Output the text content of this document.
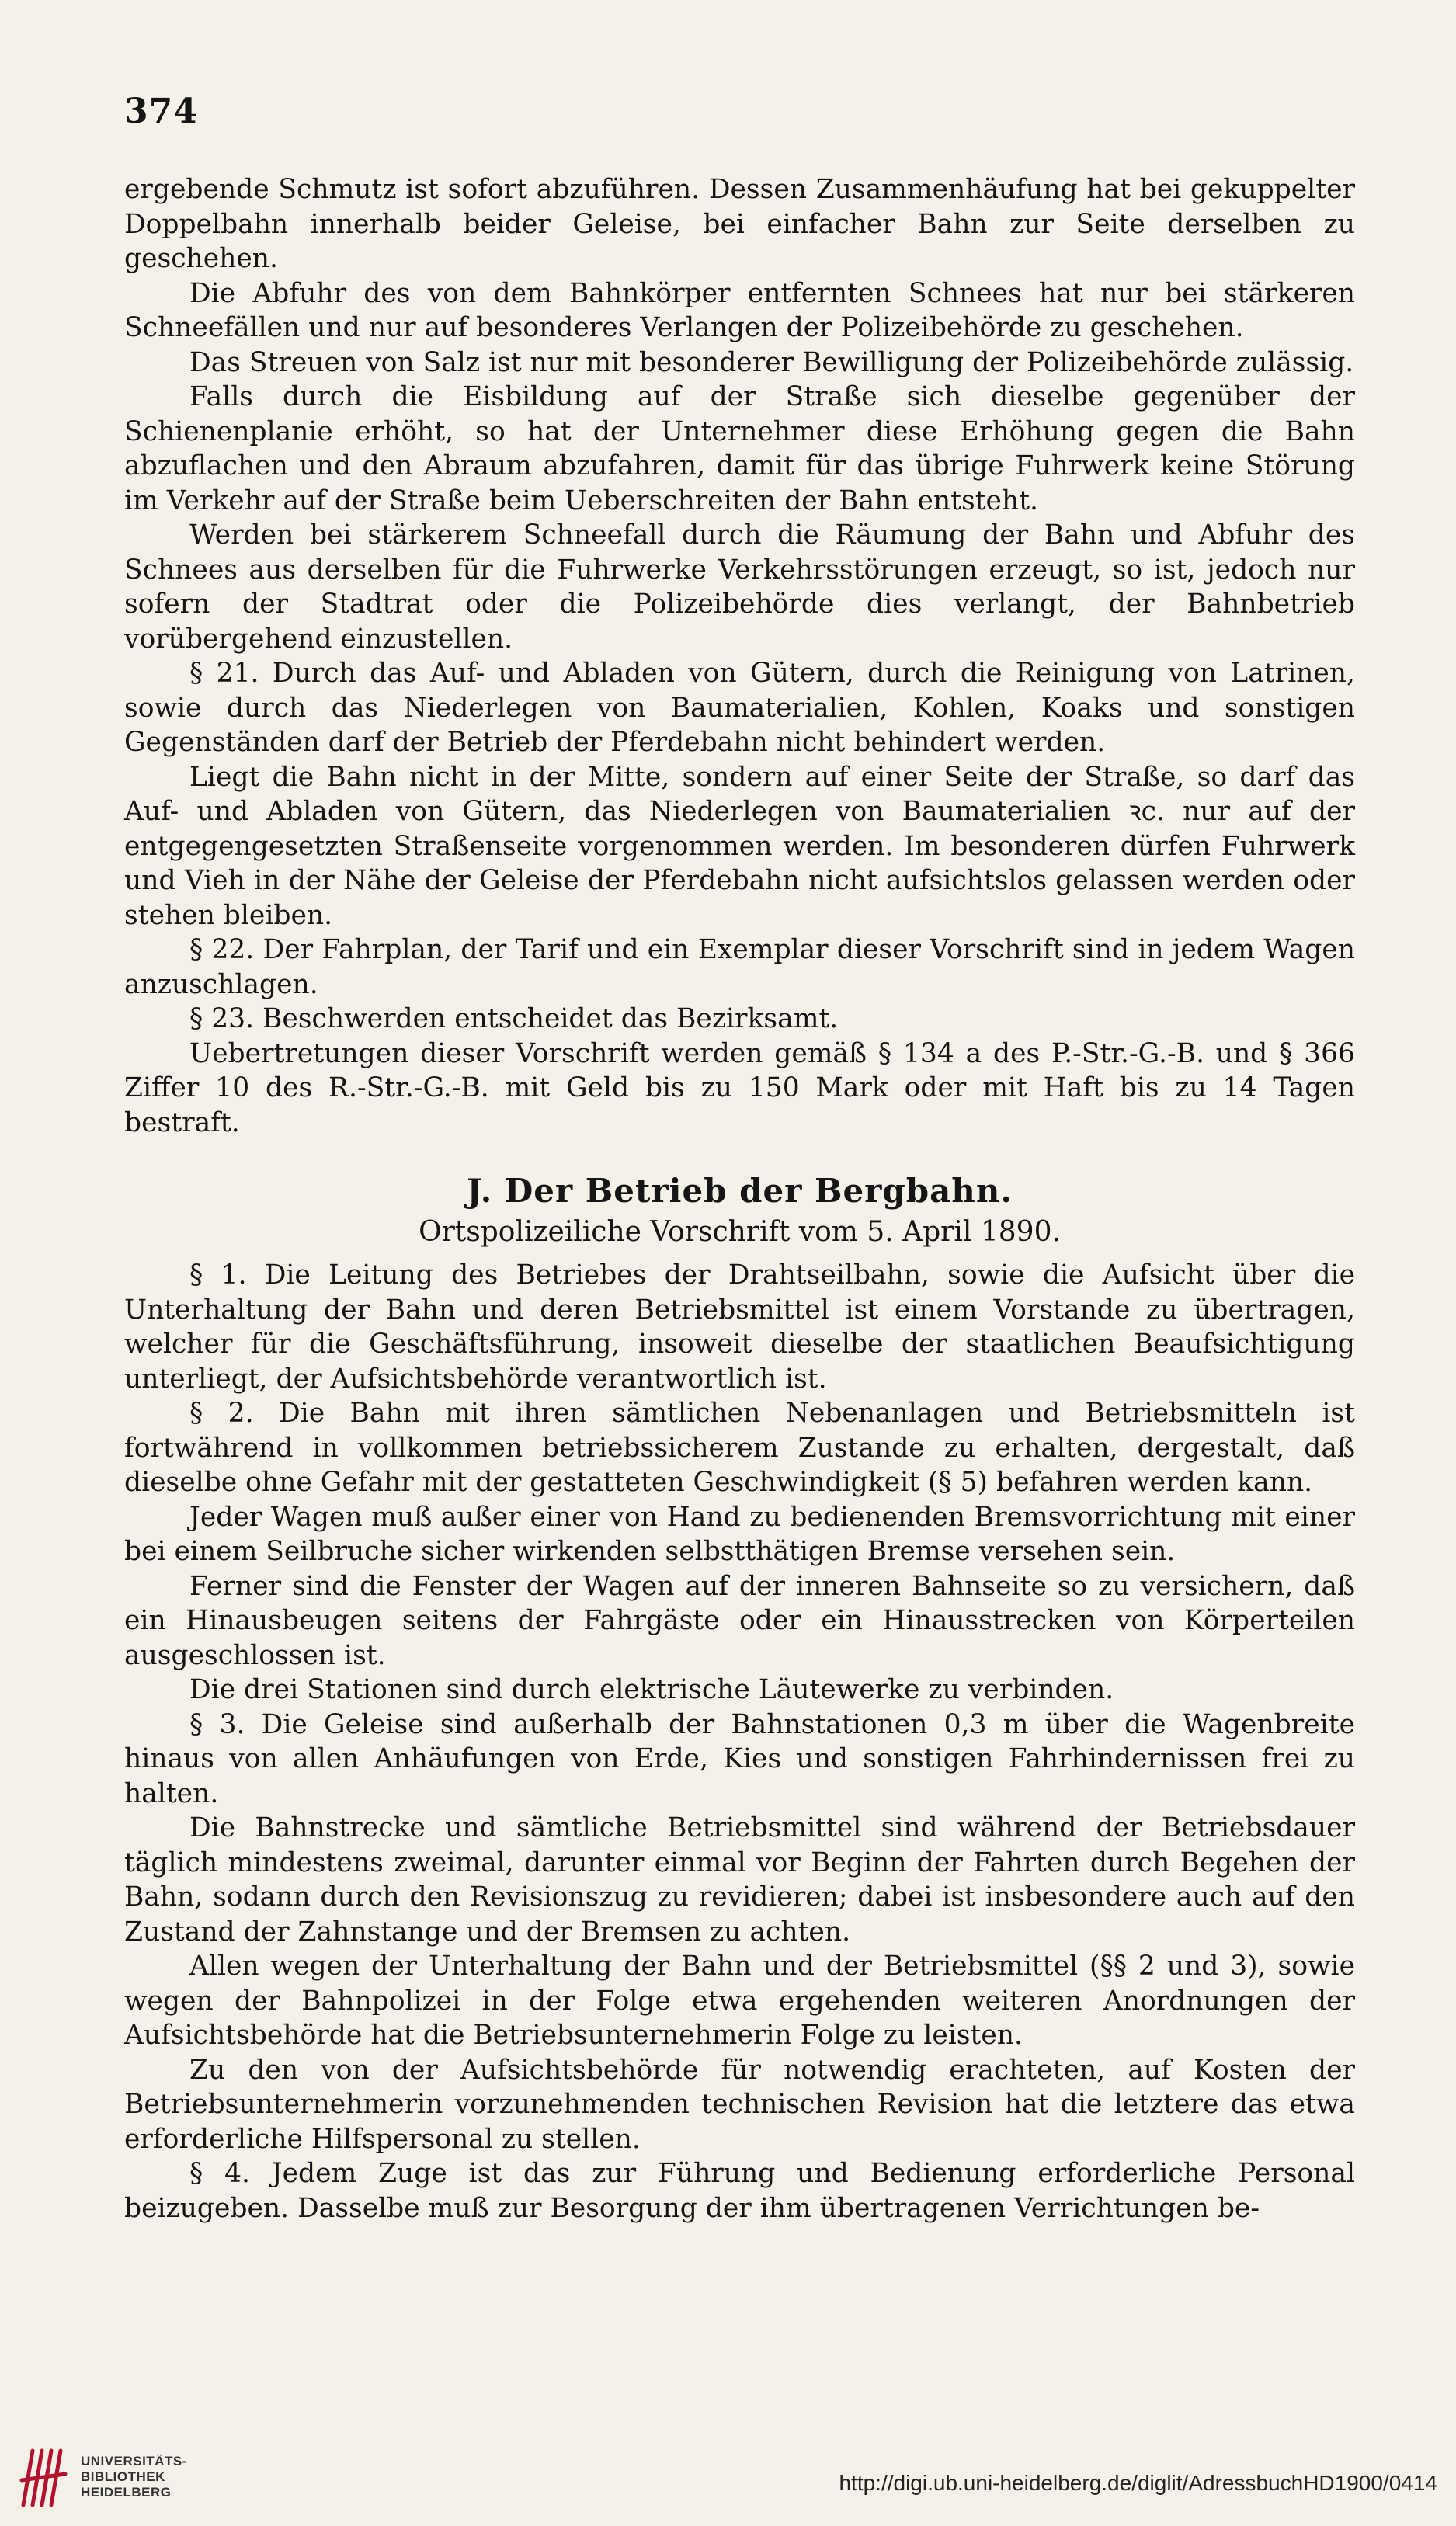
374

ergebende Schmutz ist sofort abzuführen. Dessen Zusammenhäufung hat bei gekuppelter Doppelbahn innerhalb beider Geleise, bei einfacher Bahn zur Seite derselben zu geschehen.

Die Abfuhr des von dem Bahnkörper entfernten Schnees hat nur bei stärkeren Schneefällen und nur auf besonderes Verlangen der Polizeibehörde zu geschehen.

Das Streuen von Salz ist nur mit besonderer Bewilligung der Polizeibehörde zulässig.

Falls durch die Eisbildung auf der Straße sich dieselbe gegenüber der Schienenplanie erhöht, so hat der Unternehmer diese Erhöhung gegen die Bahn abzuflachen und den Abraum abzufahren, damit für das übrige Fuhrwerk keine Störung im Verkehr auf der Straße beim Ueberschreiten der Bahn entsteht.

Werden bei stärkerem Schneefall durch die Räumung der Bahn und Abfuhr des Schnees aus derselben für die Fuhrwerke Verkehrsstörungen erzeugt, so ist, jedoch nur sofern der Stadtrat oder die Polizeibehörde dies verlangt, der Bahnbetrieb vorübergehend einzustellen.

§ 21. Durch das Auf- und Abladen von Gütern, durch die Reinigung von Latrinen, sowie durch das Niederlegen von Baumaterialien, Kohlen, Koaks und sonstigen Gegenständen darf der Betrieb der Pferdebahn nicht behindert werden.

Liegt die Bahn nicht in der Mitte, sondern auf einer Seite der Straße, so darf das Auf- und Abladen von Gütern, das Niederlegen von Baumaterialien ꝛc. nur auf der entgegengesetzten Straßenseite vorgenommen werden. Im besonderen dürfen Fuhrwerk und Vieh in der Nähe der Geleise der Pferdebahn nicht aufsichtslos gelassen werden oder stehen bleiben.

§ 22. Der Fahrplan, der Tarif und ein Exemplar dieser Vorschrift sind in jedem Wagen anzuschlagen.

§ 23. Beschwerden entscheidet das Bezirksamt.

Uebertretungen dieser Vorschrift werden gemäß § 134 a des P.-Str.-G.-B. und § 366 Ziffer 10 des R.-Str.-G.-B. mit Geld bis zu 150 Mark oder mit Haft bis zu 14 Tagen bestraft.

J. Der Betrieb der Bergbahn.
Ortspolizeiliche Vorschrift vom 5. April 1890.

§ 1. Die Leitung des Betriebes der Drahtseilbahn, sowie die Aufsicht über die Unterhaltung der Bahn und deren Betriebsmittel ist einem Vorstande zu übertragen, welcher für die Geschäftsführung, insoweit dieselbe der staatlichen Beaufsichtigung unterliegt, der Aufsichtsbehörde verantwortlich ist.

§ 2. Die Bahn mit ihren sämtlichen Nebenanlagen und Betriebsmitteln ist fortwährend in vollkommen betriebssicherem Zustande zu erhalten, dergestalt, daß dieselbe ohne Gefahr mit der gestatteten Geschwindigkeit (§ 5) befahren werden kann.

Jeder Wagen muß außer einer von Hand zu bedienenden Bremsvorrichtung mit einer bei einem Seilbruche sicher wirkenden selbstthätigen Bremse versehen sein.

Ferner sind die Fenster der Wagen auf der inneren Bahnseite so zu versichern, daß ein Hinausbeugen seitens der Fahrgäste oder ein Hinausstrecken von Körperteilen ausgeschlossen ist.

Die drei Stationen sind durch elektrische Läutewerke zu verbinden.

§ 3. Die Geleise sind außerhalb der Bahnstationen 0,3 m über die Wagenbreite hinaus von allen Anhäufungen von Erde, Kies und sonstigen Fahrhindernissen frei zu halten.

Die Bahnstrecke und sämtliche Betriebsmittel sind während der Betriebsdauer täglich mindestens zweimal, darunter einmal vor Beginn der Fahrten durch Begehen der Bahn, sodann durch den Revisionszug zu revidieren; dabei ist insbesondere auch auf den Zustand der Zahnstange und der Bremsen zu achten.

Allen wegen der Unterhaltung der Bahn und der Betriebsmittel (§§ 2 und 3), sowie wegen der Bahnpolizei in der Folge etwa ergehenden weiteren Anordnungen der Aufsichtsbehörde hat die Betriebsunternehmerin Folge zu leisten.

Zu den von der Aufsichtsbehörde für notwendig erachteten, auf Kosten der Betriebsunternehmerin vorzunehmenden technischen Revision hat die letztere das etwa erforderliche Hilfspersonal zu stellen.

§ 4. Jedem Zuge ist das zur Führung und Bedienung erforderliche Personal beizugeben. Dasselbe muß zur Besorgung der ihm übertragenen Verrichtungen be-

UNIVERSITÄTS-
BIBLIOTHEK
HEIDELBERG	http://digi.ub.uni-heidelberg.de/diglit/AdressbuchHD1900/0414
